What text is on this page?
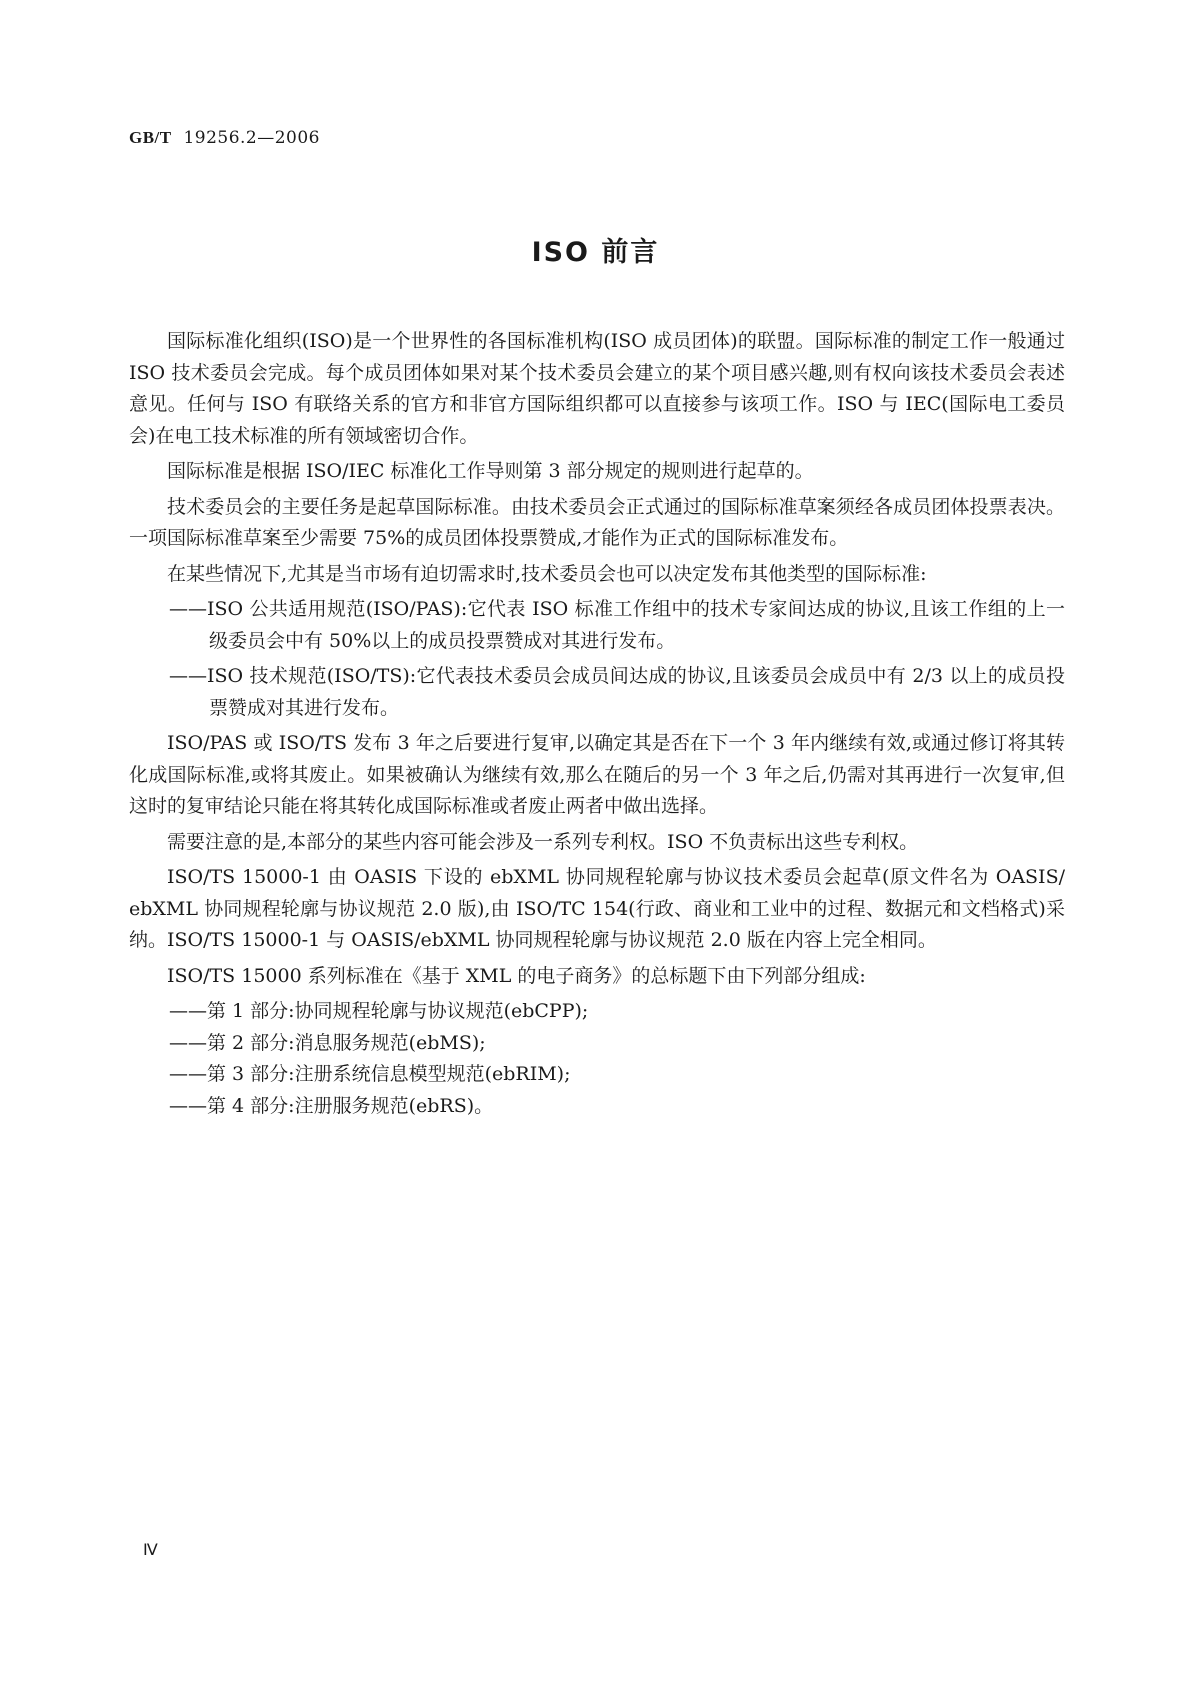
GB/T 19256.2—2006
ISO 前言

国际标准化组织(ISO)是一个世界性的各国标准机构(ISO 成员团体)的联盟。国际标准的制定工作一般通过 ISO 技术委员会完成。每个成员团体如果对某个技术委员会建立的某个项目感兴趣,则有权向该技术委员会表述意见。任何与 ISO 有联络关系的官方和非官方国际组织都可以直接参与该项工作。ISO 与 IEC(国际电工委员会)在电工技术标准的所有领域密切合作。

国际标准是根据 ISO/IEC 标准化工作导则第 3 部分规定的规则进行起草的。

技术委员会的主要任务是起草国际标准。由技术委员会正式通过的国际标准草案须经各成员团体投票表决。一项国际标准草案至少需要 75%的成员团体投票赞成,才能作为正式的国际标准发布。

在某些情况下,尤其是当市场有迫切需求时,技术委员会也可以决定发布其他类型的国际标准:

——ISO 公共适用规范(ISO/PAS):它代表 ISO 标准工作组中的技术专家间达成的协议,且该工作组的上一级委员会中有 50%以上的成员投票赞成对其进行发布。
——ISO 技术规范(ISO/TS):它代表技术委员会成员间达成的协议,且该委员会成员中有 2/3 以上的成员投票赞成对其进行发布。

ISO/PAS 或 ISO/TS 发布 3 年之后要进行复审,以确定其是否在下一个 3 年内继续有效,或通过修订将其转化成国际标准,或将其废止。如果被确认为继续有效,那么在随后的另一个 3 年之后,仍需对其再进行一次复审,但这时的复审结论只能在将其转化成国际标准或者废止两者中做出选择。

需要注意的是,本部分的某些内容可能会涉及一系列专利权。ISO 不负责标出这些专利权。

ISO/TS 15000-1 由 OASIS 下设的 ebXML 协同规程轮廓与协议技术委员会起草(原文件名为 OASIS/ ebXML 协同规程轮廓与协议规范 2.0 版),由 ISO/TC 154(行政、商业和工业中的过程、数据元和文档格式)采纳。ISO/TS 15000-1 与 OASIS/ebXML 协同规程轮廓与协议规范 2.0 版在内容上完全相同。

ISO/TS 15000 系列标准在《基于 XML 的电子商务》的总标题下由下列部分组成:

——第 1 部分:协同规程轮廓与协议规范(ebCPP);
——第 2 部分:消息服务规范(ebMS);
——第 3 部分:注册系统信息模型规范(ebRIM);
——第 4 部分:注册服务规范(ebRS)。
Ⅳ
